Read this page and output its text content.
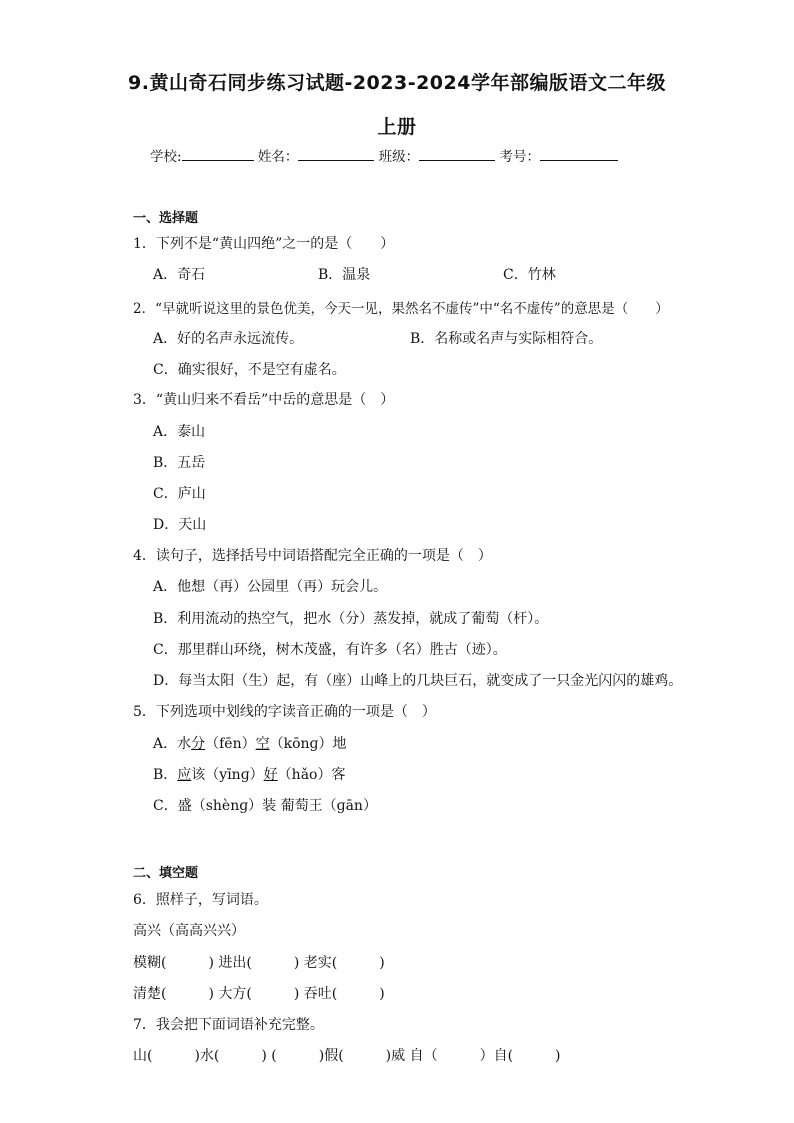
9.黄山奇石同步练习试题-2023-2024学年部编版语文二年级
上册
学校:	姓名：	班级：	考号：
一、选择题
1．下列不是“黄山四绝”之一的是（　　）
A．奇石	B．温泉	C．竹林
2．“早就听说这里的景色优美，今天一见，果然名不虚传”中“名不虚传”的意思是（　　）
A．好的名声永远流传。	B．名称或名声与实际相符合。
C．确实很好，不是空有虚名。
3．“黄山归来不看岳”中岳的意思是（　）
A．泰山
B．五岳
C．庐山
D．天山
4．读句子，选择括号中词语搭配完全正确的一项是（　）
A．他想（再）公园里（再）玩会儿。
B．利用流动的热空气，把水（分）蒸发掉，就成了葡萄（杆）。
C．那里群山环绕，树木茂盛，有许多（名）胜古（迹）。
D．每当太阳（生）起，有（座）山峰上的几块巨石，就变成了一只金光闪闪的雄鸡。
5．下列选项中划线的字读音正确的一项是（　）
A．水分（fēn）空（kōnɡ）地
B．应该（yīnɡ）好（hǎo）客
C．盛（shènɡ）装 葡萄王（ɡān）
二、填空题
6．照样子，写词语。
高兴（高高兴兴）
模糊(　　　) 进出(　　　) 老实(　　　)
清楚(　　　) 大方(　　　) 吞吐(　　　)
7．我会把下面词语补充完整。
山(　　　)水(　　　) (　　　)假(　　　)威 自（　　　）自(　　　)
